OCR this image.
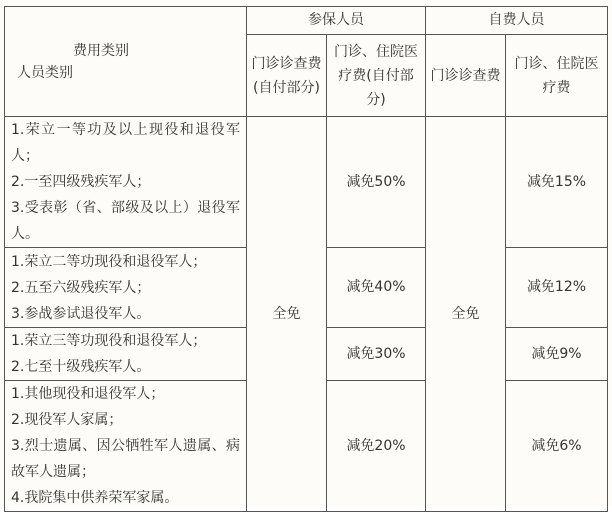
费用类别
人员类别	参保人员		自费人员	
	门诊诊查费(自付部分)	门诊、住院医疗费(自付部分)	门诊诊查费	门诊、住院医疗费

1.荣立一等功及以上现役和退役军人；
2.一至四级残疾军人；
3.受表彰（省、部级及以上）退役军人。	全免	减免50%	全免	减免15%

1.荣立二等功现役和退役军人；
2.五至六级残疾军人；
3.参战参试退役军人。		减免40%		减免12%

1.荣立三等功现役和退役军人；
2.七至十级残疾军人。		减免30%		减免9%

1.其他现役和退役军人；
2.现役军人家属；
3.烈士遗属、因公牺牲军人遗属、病故军人遗属；
4.我院集中供养荣军家属。		减免20%		减免6%
